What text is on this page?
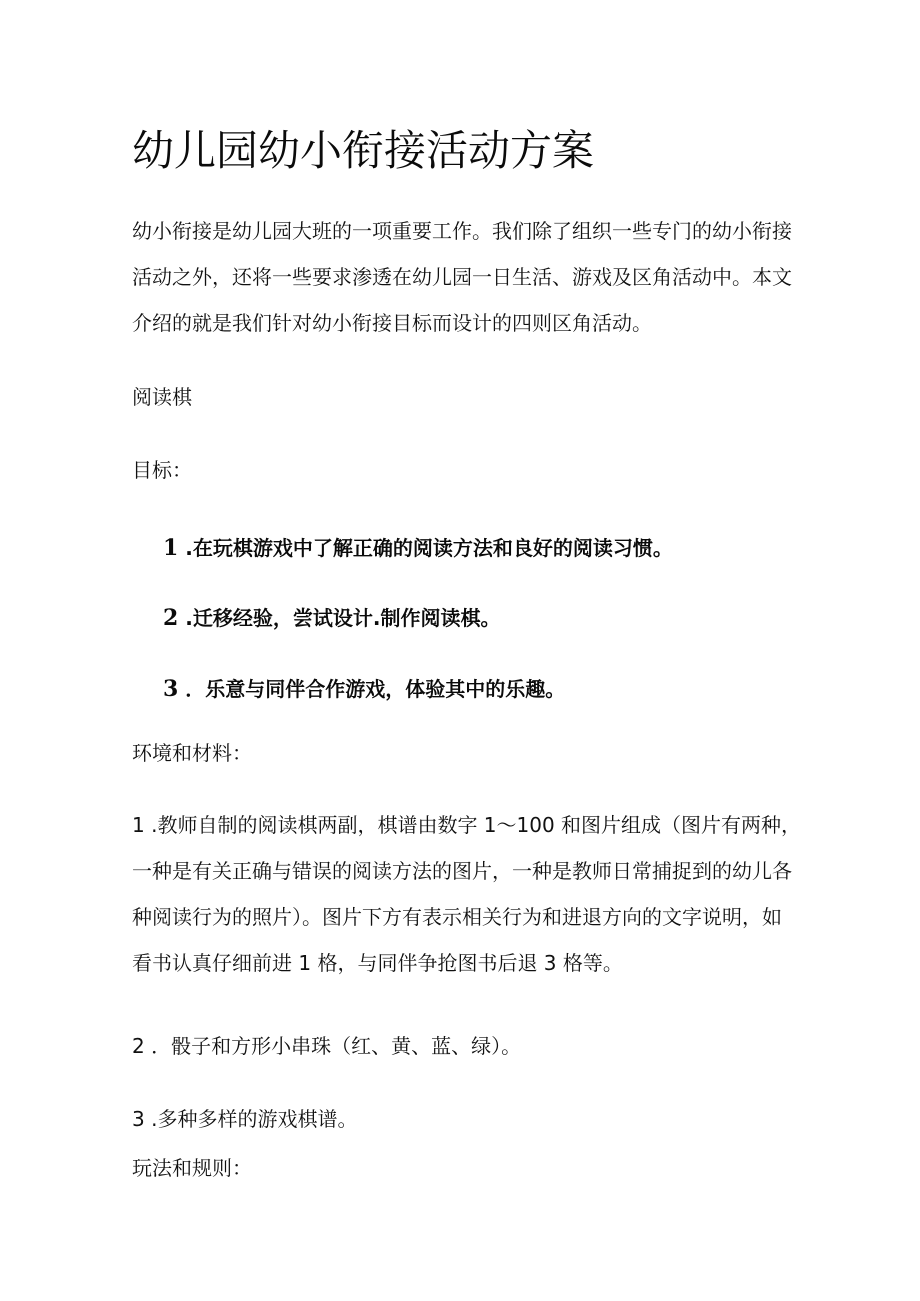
幼儿园幼小衔接活动方案

幼小衔接是幼儿园大班的一项重要工作。我们除了组织一些专门的幼小衔接
活动之外，还将一些要求渗透在幼儿园一日生活、游戏及区角活动中。本文
介绍的就是我们针对幼小衔接目标而设计的四则区角活动。

阅读棋

目标：

1 .在玩棋游戏中了解正确的阅读方法和良好的阅读习惯。

2 .迁移经验，尝试设计.制作阅读棋。

3 ．乐意与同伴合作游戏，体验其中的乐趣。

环境和材料：

1 .教师自制的阅读棋两副，棋谱由数字 1～100 和图片组成（图片有两种，
一种是有关正确与错误的阅读方法的图片，一种是教师日常捕捉到的幼儿各
种阅读行为的照片）。图片下方有表示相关行为和进退方向的文字说明，如
看书认真仔细前进 1 格，与同伴争抢图书后退 3 格等。

2 ．骰子和方形小串珠（红、黄、蓝、绿）。

3 .多种多样的游戏棋谱。

玩法和规则：
